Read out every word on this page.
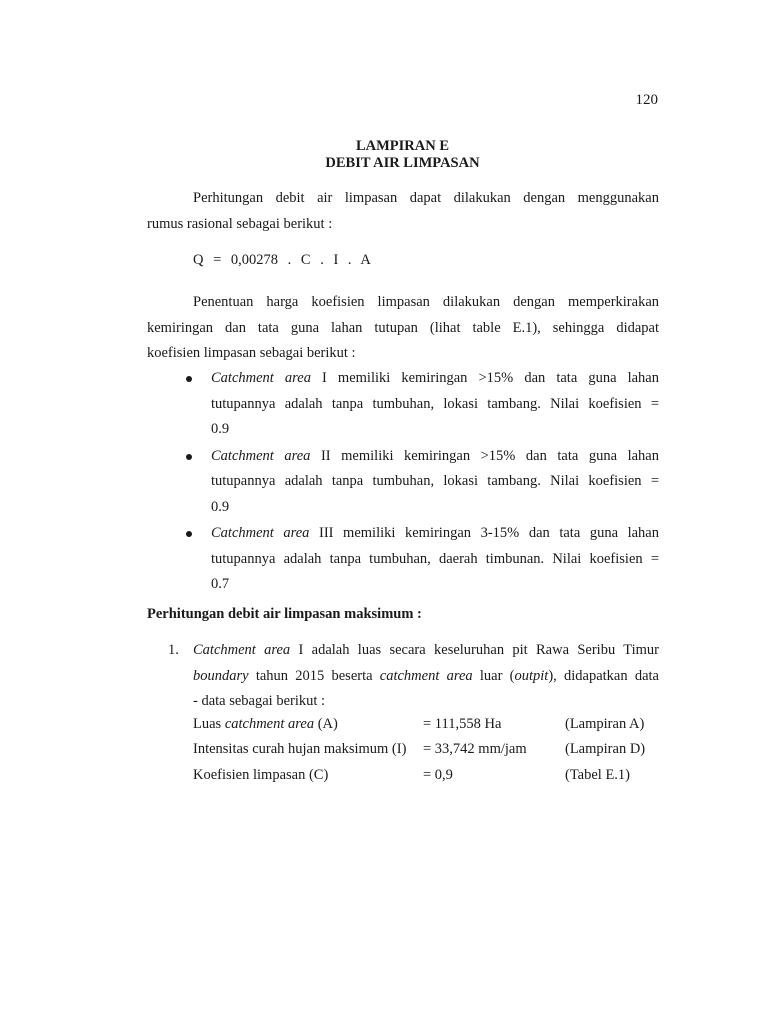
120
LAMPIRAN E
DEBIT AIR LIMPASAN
Perhitungan debit air limpasan dapat dilakukan dengan menggunakan
rumus rasional sebagai berikut :
Q = 0,00278 . C . I . A
Penentuan harga koefisien limpasan dilakukan dengan memperkirakan
kemiringan dan tata guna lahan tutupan (lihat table E.1), sehingga didapat
koefisien limpasan sebagai berikut :
Catchment area I memiliki kemiringan >15% dan tata guna lahan
tutupannya adalah tanpa tumbuhan, lokasi tambang. Nilai koefisien =
0.9
Catchment area II memiliki kemiringan >15% dan tata guna lahan
tutupannya adalah tanpa tumbuhan, lokasi tambang. Nilai koefisien =
0.9
Catchment area III memiliki kemiringan 3-15% dan tata guna lahan
tutupannya adalah tanpa tumbuhan, daerah timbunan. Nilai koefisien =
0.7
Perhitungan debit air limpasan maksimum :
1. Catchment area I adalah luas secara keseluruhan pit Rawa Seribu Timur
boundary tahun 2015 beserta catchment area luar (outpit), didapatkan data
- data sebagai berikut :
Luas catchment area (A)	= 111,558 Ha	(Lampiran A)
Intensitas curah hujan maksimum (I) = 33,742 mm/jam	(Lampiran D)
Koefisien limpasan (C)	= 0,9	(Tabel E.1)
